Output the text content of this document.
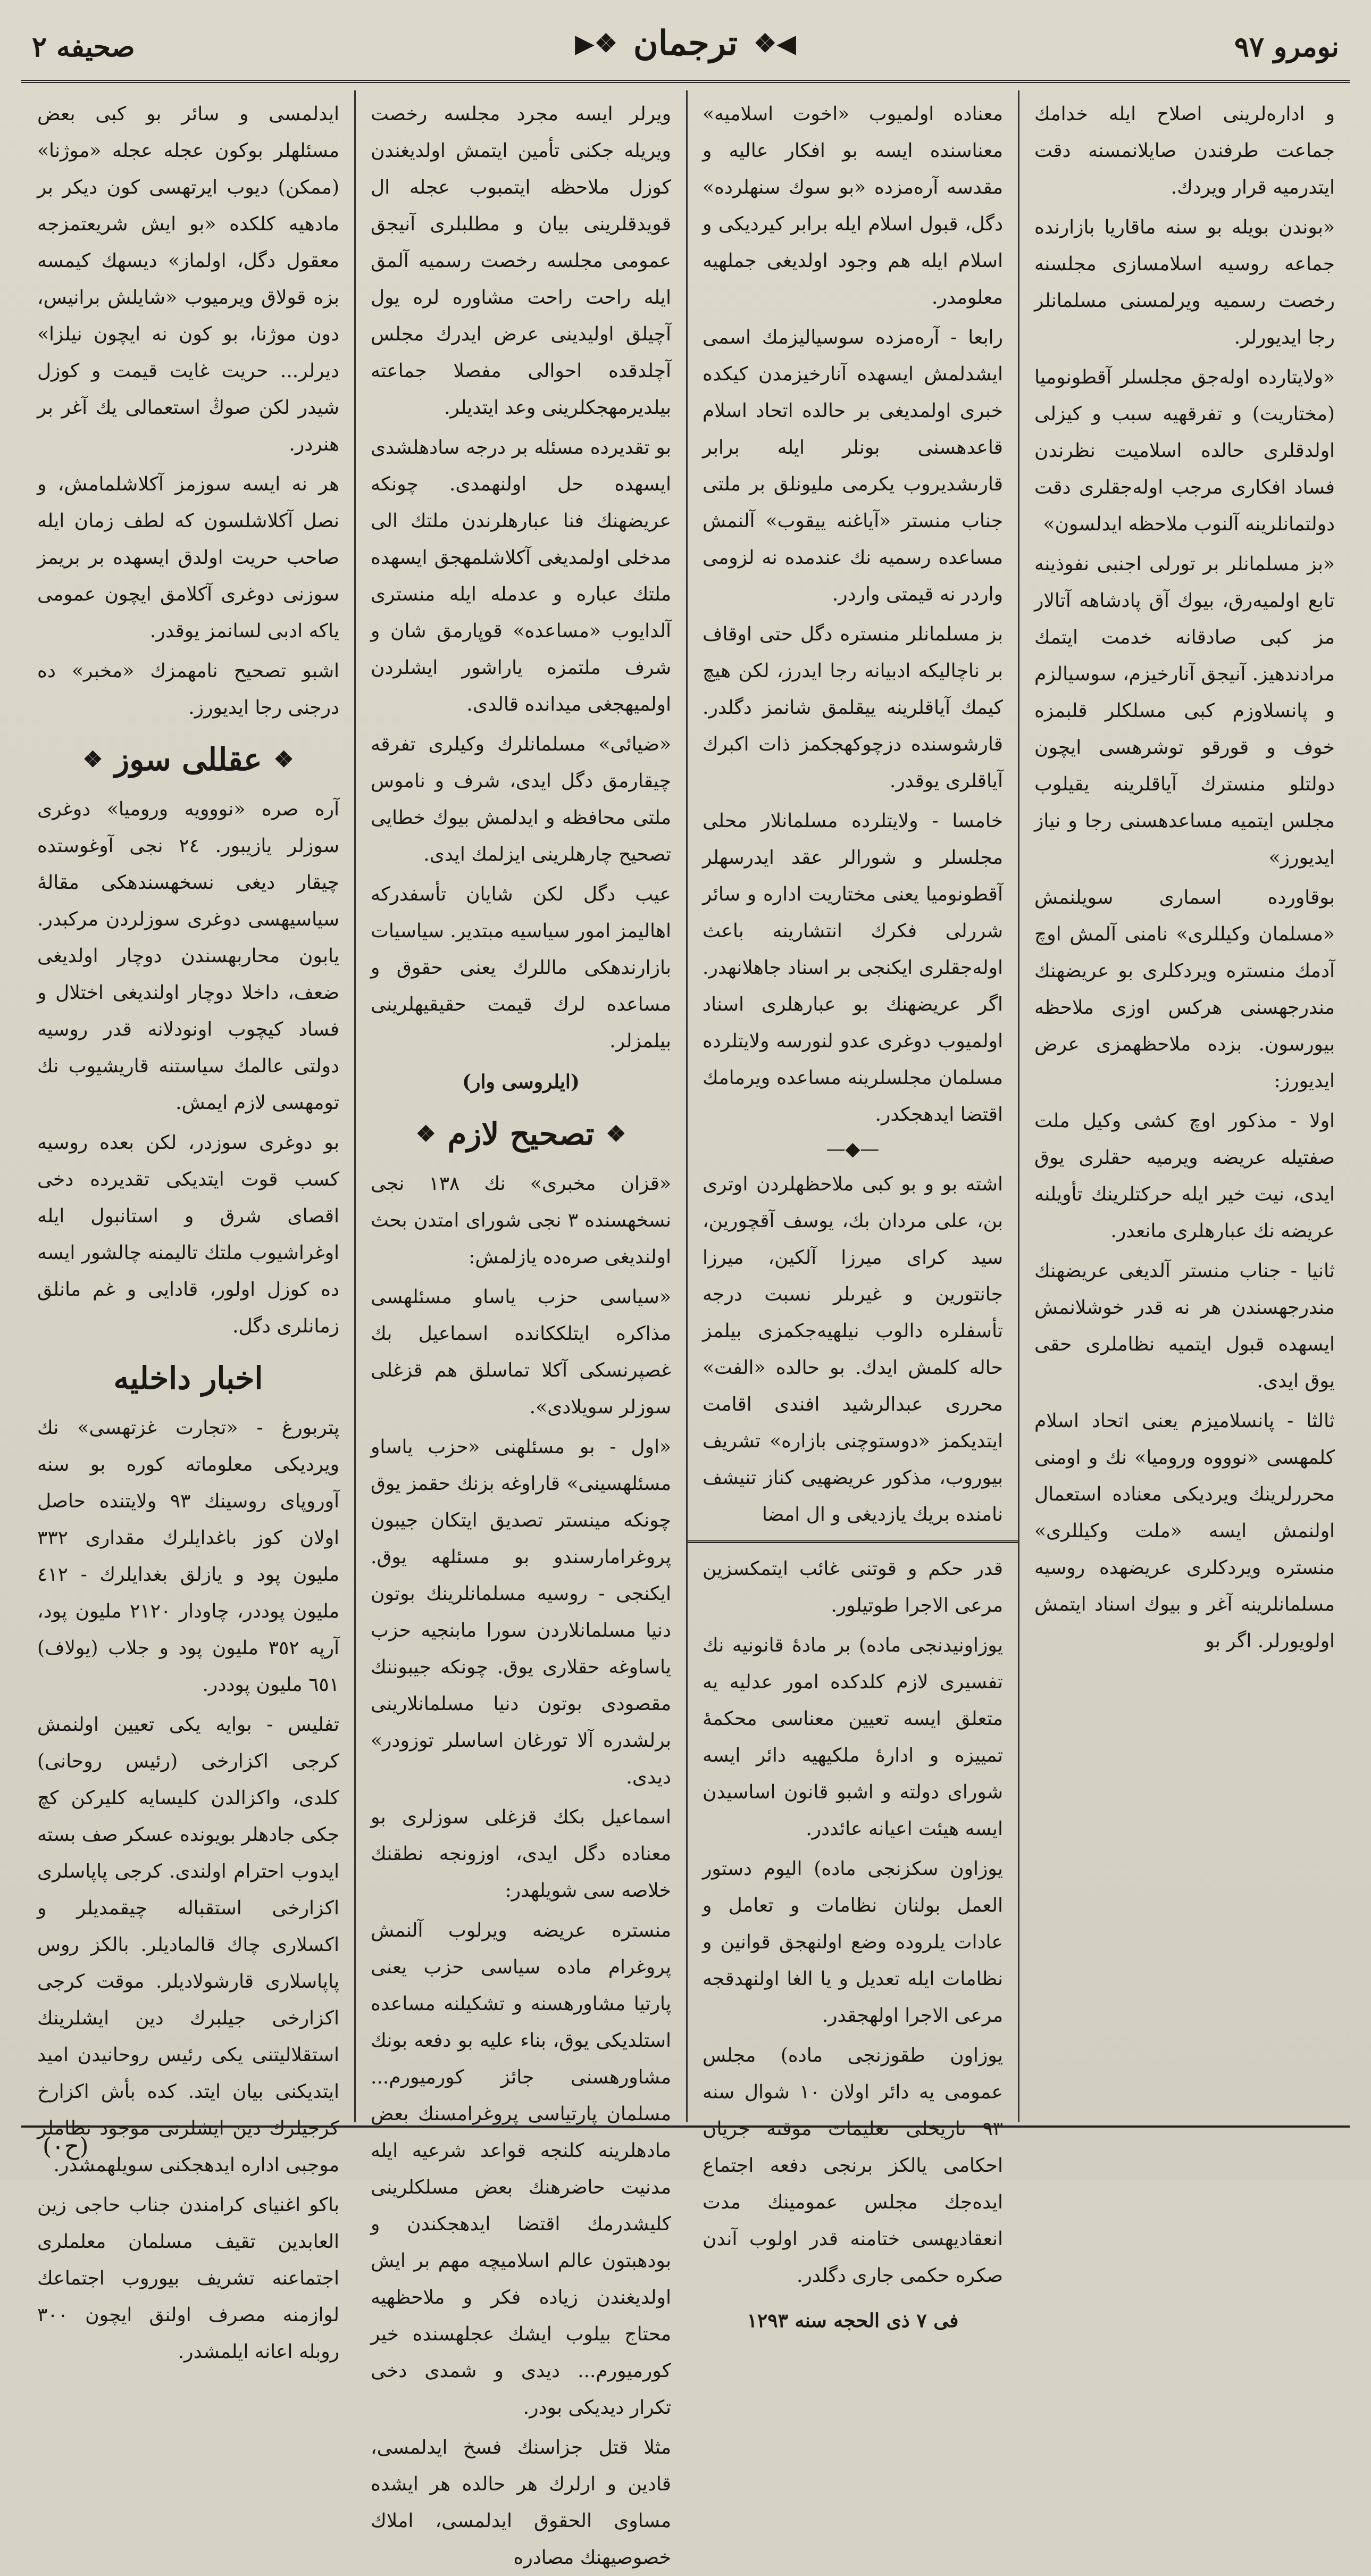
نومرو ۹۷
◀❖
ترجمان
❖▶
صحيفه ٢

و ادارەلرينى اصلاح ايله خدامك جماعت طرفندن صايلانمسنه دقت ايتدرمیه قرار ويردك.

«بوندن بويله بو سنه ماقاريا بازارنده جماعه روسيه اسلامسازى مجلسنه رخصت رسميه ويرلمسنى مسلمانلر رجا ايديورلر.

«ولايتارده اولەجق مجلسلر آقطونوميا (مختاريت) و تفرقهيه سبب و كيزلى اولدقلرى حالده اسلاميت نظرندن فساد افكارى مرجب اولەجقلرى دقت دولتمانلرينه آلنوب ملاحظه ايدلسون»

«بز مسلمانلر بر تورلى اجنبى نفوذينه تابع اولميەرق، بيوك آق پادشاهه آتالار مز كبى صادقانه خدمت ايتمك مرادندهيز. آنيجق آنارخيزم، سوسيالزم و پانسلاوزم كبى مسلكلر قلبمزه خوف و قورقو توشرهسى ايچون دولتلو منسترك آياقلرينه يقيلوب مجلس ايتمیه مساعدهسنى رجا و نياز ايديورز»

بوقاورده اسمارى سويلنمش «مسلمان وكيللرى» نامنى آلمش اوچ آدمك منستره ويردكلرى بو عريضهنك مندرجهسنى هركس اوزى ملاحظه بيورسون. بزده ملاحظهمزى عرض ايديورز:

اولا - مذكور اوچ كشى وكيل ملت صفتيله عريضه ويرمیه حقلرى يوق ايدى، نيت خير ايله حركتلرينك تأويلنه عريضه نك عبارهلرى مانعدر.

ثانيا - جناب منستر آلديغى عريضهنك مندرجهسندن هر نه قدر خوشلانمش ايسهده قبول ايتمیه نظاملرى حقى يوق ايدى.

ثالثا - پانسلاميزم يعنى اتحاد اسلام كلمهسى «نوووه وروميا» نك و اومنى محررلرينك ويرديكى معناده استعمال اولنمش ايسه «ملت وكيللرى» منستره ويردكلرى عريضهده روسيه مسلمانلرينه آغر و بيوك اسناد ايتمش اولويورلر. اگر بو

معناده اولميوب «اخوت اسلاميه» معناسنده ايسه بو افكار عاليه و مقدسه آرەمزده «بو سوك سنهلرده» دگل، قبول اسلام ايله برابر كيرديكى و اسلام ايله هم وجود اولديغى جملهيه معلومدر.

رابعا - آرەمزده سوسياليزمك اسمى ايشدلمش ايسهده آنارخيزمدن كيكده خبرى اولمديغى بر حالده اتحاد اسلام قاعدهسنى بونلر ايله برابر قارىشديروب يكرمى مليونلق بر ملتى جناب منستر «آياغنه ييقوب» آلنمش مساعده رسميه نك عندمده نه لزومى واردر نه قيمتى واردر.

بز مسلمانلر منستره دگل حتى اوقاف بر ناچاليكه ادبيانه رجا ايدرز، لكن هيچ كيمك آياقلرينه ييقلمق شانمز دگلدر. قارشوسنده دزچوكهجكمز ذات اكبرك آياقلرى يوقدر.

خامسا - ولايتلرده مسلمانلار محلى مجلسلر و شورالر عقد ايدرسهلر آقطونوميا يعنى مختاريت اداره و سائر شررلى فكرك انتشارينه باعث اولەجقلرى ايكنجى بر اسناد جاهلانهدر. اگر عريضهنك بو عبارهلرى اسناد اولميوب دوغرى عدو لنورسه ولايتلرده مسلمان مجلسلرينه مساعده ويرمامك اقتضا ايدهجكدر.

—◆—

اشته بو و بو كبى ملاحظهلردن اوترى بن، على مردان بك، يوسف آقچورين، سيد كراى ميرزا آلكين، ميرزا جانتورين و غيرىلر نسبت درجه تأسفلره دالوب نيلهيەجكمزى بيلمز حاله كلمش ايدك. بو حالده «الفت» محررى عبدالرشيد افندى اقامت ايتديكمز «دوستوچنى بازاره» تشريف بيوروب، مذكور عريضهيى كناز تنيشف نامنده بريك يازديغى و ال امضا

قدر حكم و قوتنى غائب ايتمكسزين مرعى الاجرا طوتيلور.

يوزاونيدنجى ماده) بر مادهٔ قانونيه نك تفسيرى لازم كلدكده امور عدليه يه متعلق ايسه تعيين معناسى محكمهٔ تمييزه و ادارهٔ ملكيهيه دائر ايسه شوراى دولته و اشبو قانون اساسيدن ايسه هيئت اعيانه عائددر.

يوزاون سكزنجى ماده) اليوم دستور العمل بولنان نظامات و تعامل و عادات يلروده وضع اولنهجق قوانين و نظامات ايله تعديل و يا الغا اولنهدقجه مرعى الاجرا اولهجقدر.

يوزاون طقوزنجى ماده) مجلس عمومى يه دائر اولان ١٠ شوال سنه ٩٣ تاريخلى تعليمات موقته جريان احكامى يالكز برنجى دفعه اجتماع ايدەجك مجلس عمومينك مدت انعقاديهسى ختامنه قدر اولوب آندن صكره حكمى جارى دگلدر.

فى ٧ ذى الحجه سنه ١٢٩٣

ويرلر ايسه مجرد مجلسه رخصت ويريله جكنى تأمين ايتمش اولديغندن كوزل ملاحظه ايتمبوب عجله ال قويدقلرينى بيان و مطلبلرى آنيجق عمومى مجلسه رخصت رسميه آلمق ايله راحت راحت مشاوره لره يول آچيلق اوليدينى عرض ايدرك مجلس آچلدقده احوالى مفصلا جماعته بيلديرمهجكلرينى وعد ايتديلر.

بو تقديرده مسئله بر درجه سادهلشدى ايسهده حل اولنهمدى. چونكه عريضهنك فنا عبارهلرندن ملتك الى مدخلى اولمديغى آكلاشلمهجق ايسهده ملتك عباره و عدمله ايله منسترى آلدايوب «مساعده» قوپارمق شان و شرف ملتمزه ياراشور ايشلردن اولميهجغى ميدانده قالدى.

«ضيائى» مسلمانلرك وكيلرى تفرقه چيقارمق دگل ايدى، شرف و ناموس ملتى محافظه و ايدلمش بيوك خطايى تصحيح چارهلرينى ايزلمك ايدى.

عيب دگل لكن شايان تأسفدركه اهاليمز امور سياسيه مبتدير. سياسيات بازارندهكى ماللرك يعنى حقوق و مساعده لرك قيمت حقيقيهلرينى بيلمزلر.

(ايلروسى وار)
❖
تصحيح لازم
❖

«قزان مخبرى» نك ١٣٨ نجى نسخهسنده ٣ نجى شوراى امتدن بحث اولنديغى صرەده يازلمش:

«سياسى حزب ياساو مسئلهسى مذاكره ايتلككانده اسماعيل بك غصپرنسكى آكلا تماسلق هم قزغلى سوزلر سويلادى».

«اول - بو مسئلهنى «حزب ياساو مسئلهسينى» قاراوغه بزنك حقمز يوق چونكه مينستر تصديق ايتكان جيبون پروغرامارسندو بو مسئلهه يوق. ايكنجى - روسيه مسلمانلرينك بوتون دنيا مسلمانلاردن سورا مابنجيه حزب ياساوغه حقلارى يوق. چونكه جيبوننك مقصودى بوتون دنيا مسلمانلارينى برلشدره آلا تورغان اساسلر توزودر» ديدى.

اسماعيل بكك قزغلى سوزلرى بو معناده دگل ايدى، اوزونجه نطقنك خلاصه سى شويلهدر:

منستره عريضه ويرلوب آلنمش پروغرام ماده سياسى حزب يعنى پارتيا مشاورهسنه و تشكيلنه مساعده استلديكى يوق، بناء عليه بو دفعه بونك مشاورهسنى جائز كورميورم... مسلمان پارتياسى پروغرامسنك بعض مادهلرينه كلنجه قواعد شرعيه ايله مدنيت حاضرهنك بعض مسلكلرينى كليشدرمك اقتضا ايدهجكندن و بودهبتون عالم اسلاميچه مهم بر ايش اولديغندن زياده فكر و ملاحظهيه محتاج بيلوب ايشك عجلهسنده خير كورميورم... ديدى و شمدى دخى تكرار ديديكى بودر.

مثلا قتل جزاسنك فسخ ايدلمسى، قادين و ارلرك هر حالده هر ايشده مساوى الحقوق ايدلمسى، املاك خصوصيهنك مصادره

ايدلمسى و سائر بو كبى بعض مسئلهلر بوكون عجله عجله «موژنا» (ممكن) ديوب ايرتهسى كون ديكر بر مادهيه كلكده «بو ايش شريعتمزجه معقول دگل، اولماز» ديسهك كيمسه بزه قولاق ويرميوب «شايلش برانيس، دون موژنا، بو كون نه ايچون نيلزا» ديرلر... حريت غايت قيمت و كوزل شيدر لكن صوڭ استعمالى يك آغر بر هنردر.

هر نه ايسه سوزمز آكلاشلمامش، و نصل آكلاشلسون كه لطف زمان ايله صاحب حريت اولدق ايسهده بر بريمز سوزنى دوغرى آكلامق ايچون عمومى ياكه ادبى لسانمز يوقدر.

اشبو تصحيح نامهمزك «مخبر» ده درجنى رجا ايديورز.

❖
عقللى سوز
❖

آره صره «نووويه وروميا» دوغرى سوزلر يازيبور. ٢٤ نجى آوغوستده چيقار ديغى نسخهسندهكى مقالهٔ سياسيهسى دوغرى سوزلردن مركبدر. يابون محاربهسندن دوچار اولديغى ضعف، داخلا دوچار اولنديغى اختلال و فساد كيچوب اونودلانه قدر روسيه دولتى عالمك سياستنه قاريشيوب نك تومهسى لازم ايمش.

بو دوغرى سوزدر، لكن بعده روسيه كسب قوت ايتديكى تقديرده دخى اقصاى شرق و استانبول ايله اوغراشيوب ملتك تاليمنه چالشور ايسه ده كوزل اولور، قادايى و غم مانلق زمانلرى دگل.

اخبار داخليه

پتربورغ - «تجارت غزتهسى» نك ويرديكى معلوماته كوره بو سنه آوروپاى روسينك ٩٣ ولايتنده حاصل اولان كوز باغدايلرك مقدارى ٣٣٢ مليون پود و يازلق بغدايلرك - ٤١٢ مليون پوددر، چاودار ٢١٢٠ مليون پود، آرپه ٣٥٢ مليون پود و جلاب (يولاف) ٦٥١ مليون پوددر.

تفليس - بوايه يكى تعيين اولنمش كرجى اكزارخى (رئيس روحانى) كلدى، واكزالدن كليسايه كليركن كچ جكى جادهلر بويونده عسكر صف بسته ايدوب احترام اولندى. كرجى پاپاسلرى اكزارخى استقباله چيقمديلر و اكسلارى چاك قالماديلر. بالكز روس پاپاسلارى قارشولاديلر. موقت كرجى اكزارخى جيلبرك دين ايشلرينك استقلاليتنى يكى رئيس روحانيدن اميد ايتديكنى بيان ايتد. كده بأش اكزارخ كرجيلرك دين ايشلرنى موجود نظاملر موجبى اداره ايدهجكنى سويلهمشدر.

باكو اغنياى كرامندن جناب حاجى زين العابدين تقيف مسلمان معلملرى اجتماعنه تشريف بيوروب اجتماعك لوازمنه مصرف اولنق ايچون ٣٠٠ روبله اعانه ايلمشدر.

(ح٠)
